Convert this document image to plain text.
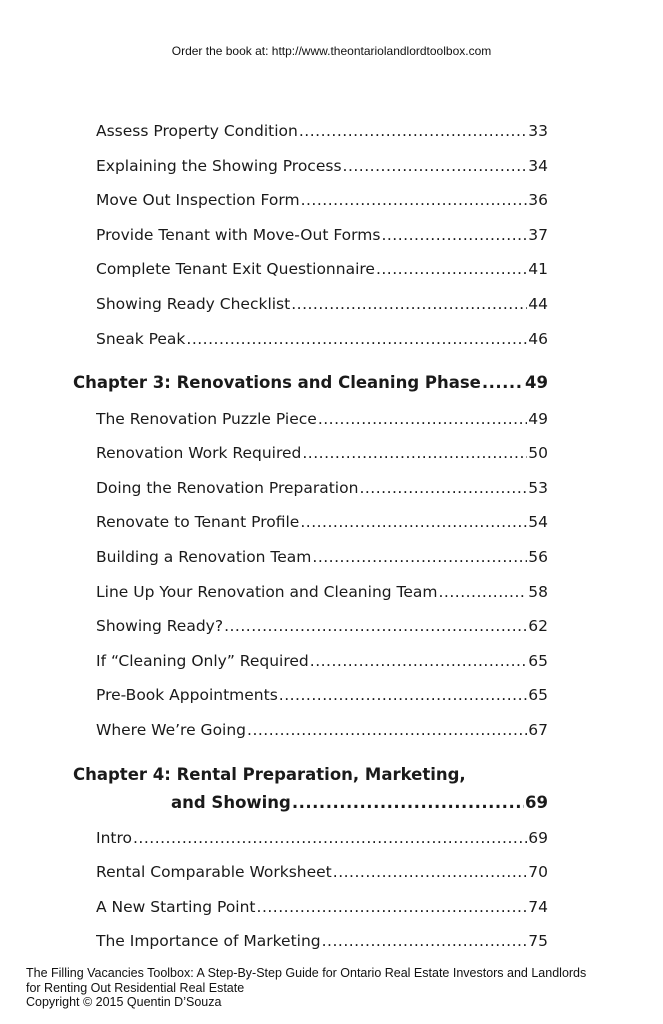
Order the book at: http://www.theontariolandlordtoolbox.com
Assess Property Condition .....	33
Explaining the Showing Process .....	34
Move Out Inspection Form .....	36
Provide Tenant with Move-Out Forms .....	37
Complete Tenant Exit Questionnaire .....	41
Showing Ready Checklist .....	44
Sneak Peak .....	46
Chapter 3: Renovations and Cleaning Phase .....	49
The Renovation Puzzle Piece .....	49
Renovation Work Required .....	50
Doing the Renovation Preparation .....	53
Renovate to Tenant Profile .....	54
Building a Renovation Team .....	56
Line Up Your Renovation and Cleaning Team .....	58
Showing Ready? .....	62
If “Cleaning Only” Required .....	65
Pre-Book Appointments .....	65
Where We’re Going .....	67
Chapter 4: Rental Preparation, Marketing,
and Showing .....	69
Intro .....	69
Rental Comparable Worksheet .....	70
A New Starting Point .....	74
The Importance of Marketing .....	75
The Filling Vacancies Toolbox: A Step-By-Step Guide for Ontario Real Estate Investors and Landlords
for Renting Out Residential Real Estate
Copyright © 2015 Quentin D’Souza
